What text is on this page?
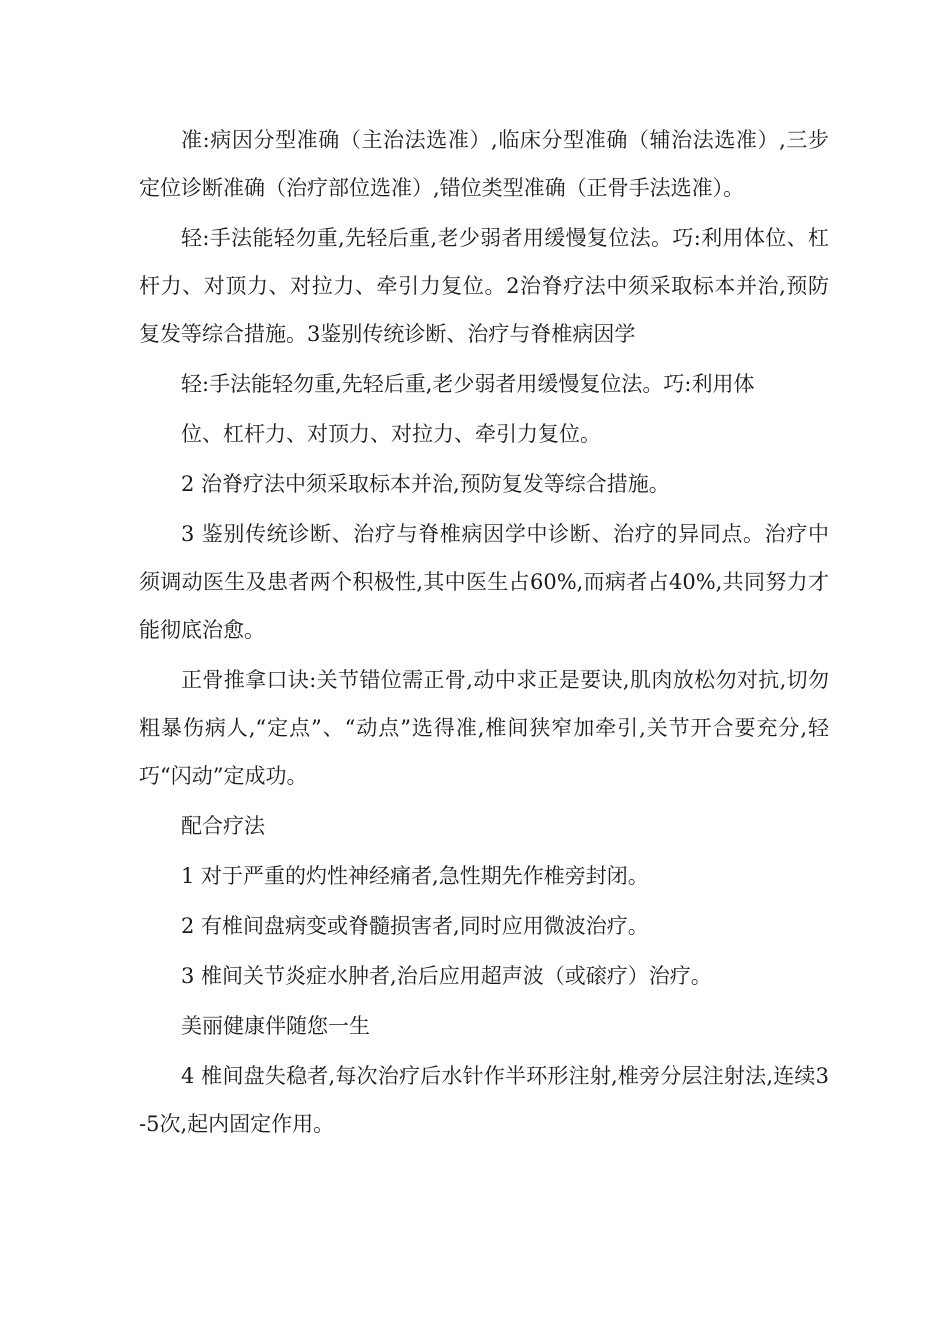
准:病因分型准确（主治法选准）,临床分型准确（辅治法选准）,三步定位诊断准确（治疗部位选准）,错位类型准确（正骨手法选准）。

轻:手法能轻勿重,先轻后重,老少弱者用缓慢复位法。巧:利用体位、杠杆力、对顶力、对拉力、牵引力复位。2治脊疗法中须采取标本并治,预防复发等综合措施。3鉴别传统诊断、治疗与脊椎病因学

轻:手法能轻勿重,先轻后重,老少弱者用缓慢复位法。巧:利用体

位、杠杆力、对顶力、对拉力、牵引力复位。

2 治脊疗法中须采取标本并治,预防复发等综合措施。

3 鉴别传统诊断、治疗与脊椎病因学中诊断、治疗的异同点。治疗中须调动医生及患者两个积极性,其中医生占60%,而病者占40%,共同努力才能彻底治愈。

正骨推拿口诀:关节错位需正骨,动中求正是要诀,肌肉放松勿对抗,切勿粗暴伤病人,“定点”、“动点”选得准,椎间狭窄加牵引,关节开合要充分,轻巧“闪动”定成功。

配合疗法

1 对于严重的灼性神经痛者,急性期先作椎旁封闭。

2 有椎间盘病变或脊髓损害者,同时应用微波治疗。

3 椎间关节炎症水肿者,治后应用超声波（或磙疗）治疗。

美丽健康伴随您一生

4 椎间盘失稳者,每次治疗后水针作半环形注射,椎旁分层注射法,连续3-5次,起内固定作用。
